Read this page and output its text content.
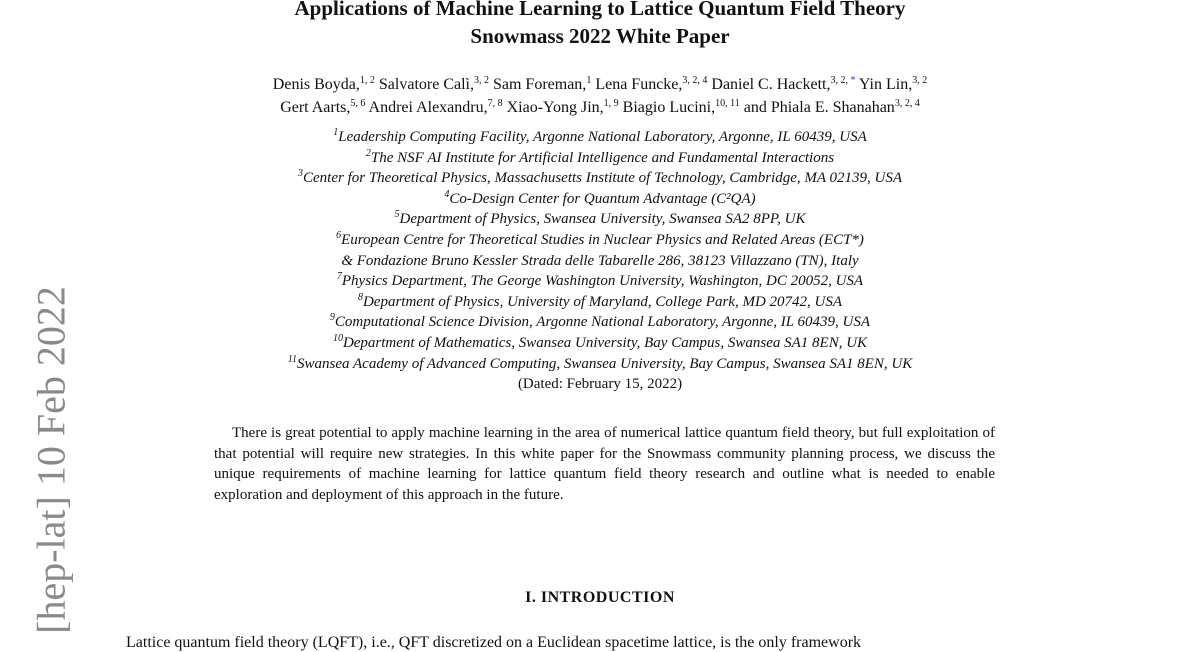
[hep-lat] 10 Feb 2022

Applications of Machine Learning to Lattice Quantum Field Theory

Snowmass 2022 White Paper

Denis Boyda,$^{1, 2}$ Salvatore Calì,$^{3, 2}$ Sam Foreman,$^1$ Lena Funcke,$^{3, 2, 4}$ Daniel C. Hackett,$^{3, 2, *}$ Yin Lin,$^{3, 2}$
Gert Aarts,$^{5, 6}$ Andrei Alexandru,$^{7, 8}$ Xiao-Yong Jin,$^{1, 9}$ Biagio Lucini,$^{10, 11}$ and Phiala E. Shanahan$^{3, 2, 4}$
$^1$Leadership Computing Facility, Argonne National Laboratory, Argonne, IL 60439, USA
$^2$The NSF AI Institute for Artificial Intelligence and Fundamental Interactions
$^3$Center for Theoretical Physics, Massachusetts Institute of Technology, Cambridge, MA 02139, USA
$^4$Co-Design Center for Quantum Advantage (C²QA)
$^5$Department of Physics, Swansea University, Swansea SA2 8PP, UK
$^6$European Centre for Theoretical Studies in Nuclear Physics and Related Areas (ECT*)
& Fondazione Bruno Kessler Strada delle Tabarelle 286, 38123 Villazzano (TN), Italy
$^7$Physics Department, The George Washington University, Washington, DC 20052, USA
$^8$Department of Physics, University of Maryland, College Park, MD 20742, USA
$^9$Computational Science Division, Argonne National Laboratory, Argonne, IL 60439, USA
$^{10}$Department of Mathematics, Swansea University, Bay Campus, Swansea SA1 8EN, UK
$^{11}$Swansea Academy of Advanced Computing, Swansea University, Bay Campus, Swansea SA1 8EN, UK
(Dated: February 15, 2022)

There is great potential to apply machine learning in the area of numerical lattice quantum field theory, but full exploitation of that potential will require new strategies. In this white paper for the Snowmass community planning process, we discuss the unique requirements of machine learning for lattice quantum field theory research and outline what is needed to enable exploration and deployment of this approach in the future.

I. INTRODUCTION
Lattice quantum field theory (LQFT), i.e., QFT discretized on a Euclidean spacetime lattice, is the only framework
